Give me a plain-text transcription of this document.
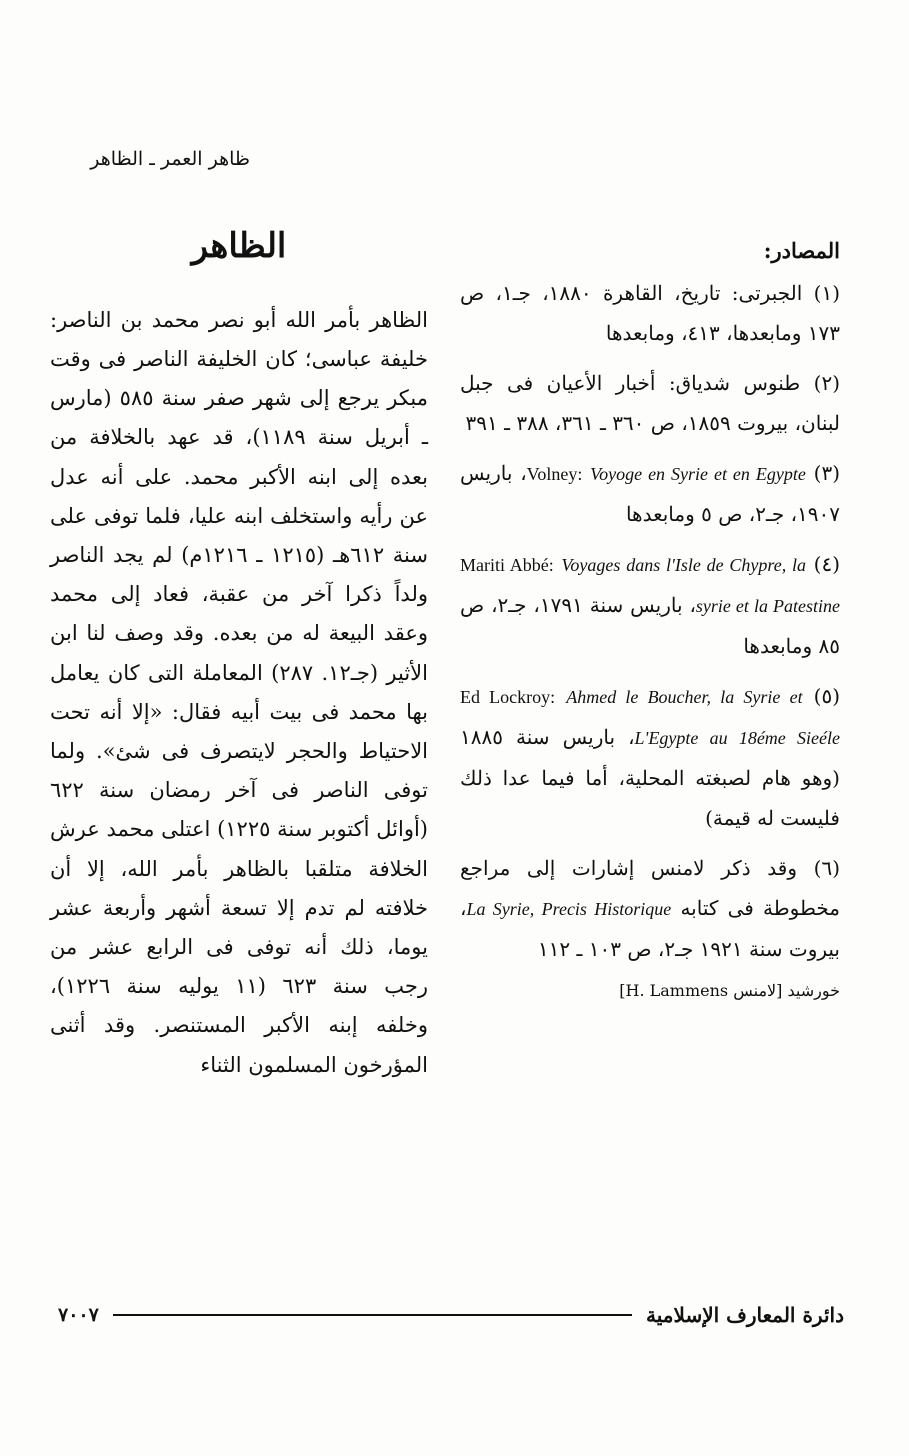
ظاهر العمر ـ الظاهر
الظاهر

الظاهر بأمر الله أبو نصر محمد بن الناصر: خليفة عباسى؛ كان الخليفة الناصر فى وقت مبكر يرجع إلى شهر صفر سنة ٥٨٥ (مارس ـ أبريل سنة ١١٨٩)، قد عهد بالخلافة من بعده إلى ابنه الأكبر محمد. على أنه عدل عن رأيه واستخلف ابنه عليا، فلما توفى على سنة ٦١٢هـ (١٢١٥ ـ ١٢١٦م) لم يجد الناصر ولداً ذكرا آخر من عقبة، فعاد إلى محمد وعقد البيعة له من بعده. وقد وصف لنا ابن الأثير (جـ١٢. ٢٨٧) المعاملة التى كان يعامل بها محمد فى بيت أبيه فقال: «إلا أنه تحت الاحتياط والحجر لايتصرف فى شئ». ولما توفى الناصر فى آخر رمضان سنة ٦٢٢ (أوائل أكتوبر سنة ١٢٢٥) اعتلى محمد عرش الخلافة متلقبا بالظاهر بأمر الله، إلا أن خلافته لم تدم إلا تسعة أشهر وأربعة عشر يوما، ذلك أنه توفى فى الرابع عشر من رجب سنة ٦٢٣ (١١ يوليه سنة ١٢٢٦)، وخلفه إبنه الأكبر المستنصر. وقد أثنى المؤرخون المسلمون الثناء

المصادر:
(١) الجبرتى: تاريخ، القاهرة ١٨٨٠، جـ١، ص ١٧٣ ومابعدها، ٤١٣، ومابعدها
(٢) طنوس شدياق: أخبار الأعيان فى جبل لبنان، بيروت ١٨٥٩، ص ٣٦٠ ـ ٣٦١، ٣٨٨ ـ ٣٩١
(٣) Volney: Voyoge en Syrie et en Egypte، باريس ١٩٠٧، جـ٢، ص ٥ ومابعدها
(٤) Mariti Abbé: Voyages dans l'Isle de Chypre, la syrie et la Patestine، باريس سنة ١٧٩١، جـ٢، ص ٨٥ ومابعدها
(٥) Ed Lockroy: Ahmed le Boucher, la Syrie et L'Egypte au 18éme Sieéle، باريس سنة ١٨٨٥ (وهو هام لصبغته المحلية، أما فيما عدا ذلك فليست له قيمة)
(٦) وقد ذكر لامنس إشارات إلى مراجع مخطوطة فى كتابه La Syrie, Precis Historique، بيروت سنة ١٩٢١ جـ٢، ص ١٠٣ ـ ١١٢
خورشيد [لامنس H. Lammens]
٧٠٠٧	دائرة المعارف الإسلامية
